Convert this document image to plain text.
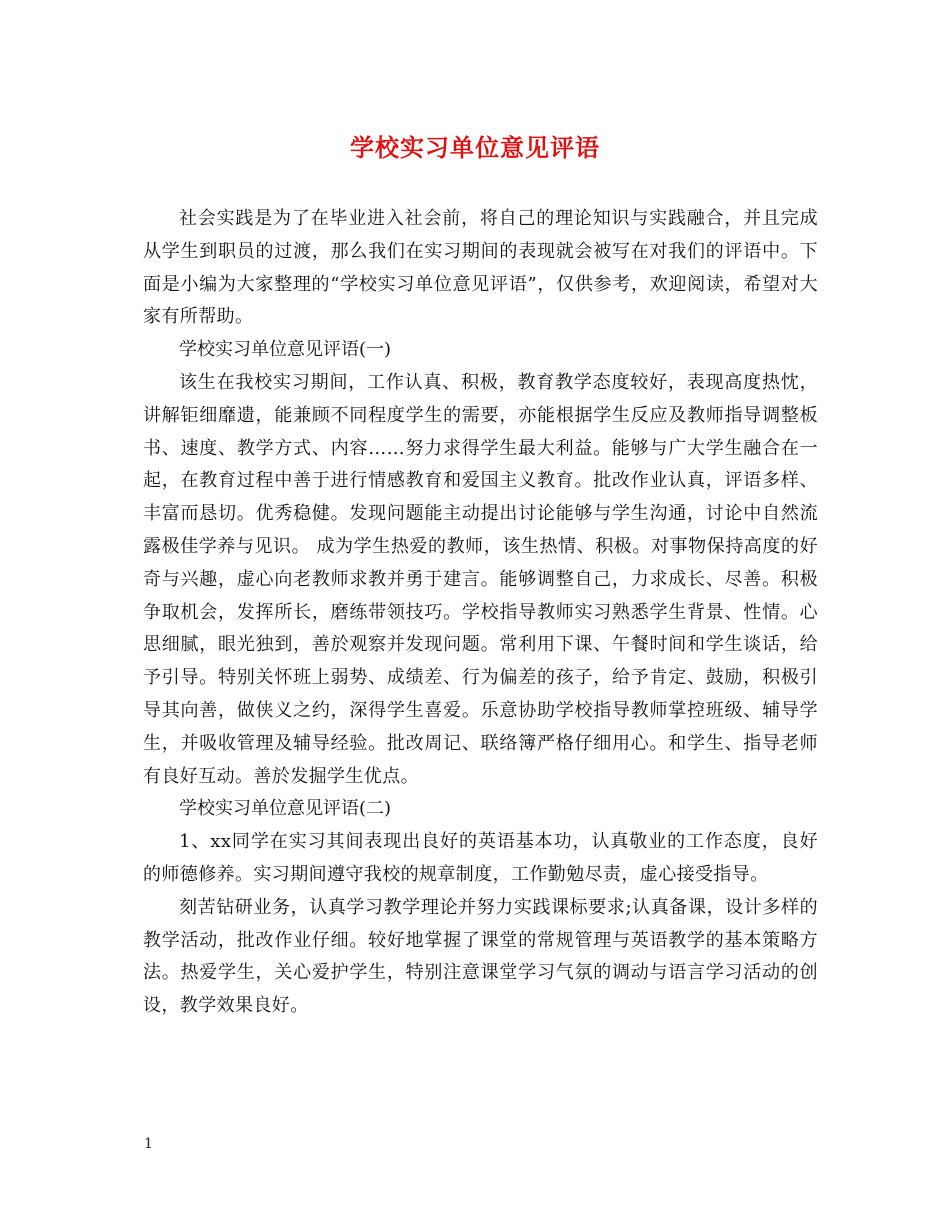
学校实习单位意见评语

社会实践是为了在毕业进入社会前，将自己的理论知识与实践融合，并且完成从学生到职员的过渡，那么我们在实习期间的表现就会被写在对我们的评语中。下面是小编为大家整理的“学校实习单位意见评语”，仅供参考，欢迎阅读，希望对大家有所帮助。

学校实习单位意见评语(一)

该生在我校实习期间，工作认真、积极，教育教学态度较好，表现高度热忱，讲解钜细靡遗，能兼顾不同程度学生的需要，亦能根据学生反应及教师指导调整板书、速度、教学方式、内容……努力求得学生最大利益。能够与广大学生融合在一起，在教育过程中善于进行情感教育和爱国主义教育。批改作业认真，评语多样、丰富而恳切。优秀稳健。发现问题能主动提出讨论能够与学生沟通，讨论中自然流露极佳学养与见识。 成为学生热爱的教师，该生热情、积极。对事物保持高度的好奇与兴趣，虚心向老教师求教并勇于建言。能够调整自己，力求成长、尽善。积极争取机会，发挥所长，磨练带领技巧。学校指导教师实习熟悉学生背景、性情。心思细腻，眼光独到，善於观察并发现问题。常利用下课、午餐时间和学生谈话，给予引导。特别关怀班上弱势、成绩差、行为偏差的孩子，给予肯定、鼓励，积极引导其向善，做侠义之约，深得学生喜爱。乐意协助学校指导教师掌控班级、辅导学生，并吸收管理及辅导经验。批改周记、联络簿严格仔细用心。和学生、指导老师有良好互动。善於发掘学生优点。

学校实习单位意见评语(二)

1、xx同学在实习其间表现出良好的英语基本功，认真敬业的工作态度，良好的师德修养。实习期间遵守我校的规章制度，工作勤勉尽责，虚心接受指导。

刻苦钻研业务，认真学习教学理论并努力实践课标要求;认真备课，设计多样的教学活动，批改作业仔细。较好地掌握了课堂的常规管理与英语教学的基本策略方法。热爱学生，关心爱护学生，特别注意课堂学习气氛的调动与语言学习活动的创设，教学效果良好。

1
